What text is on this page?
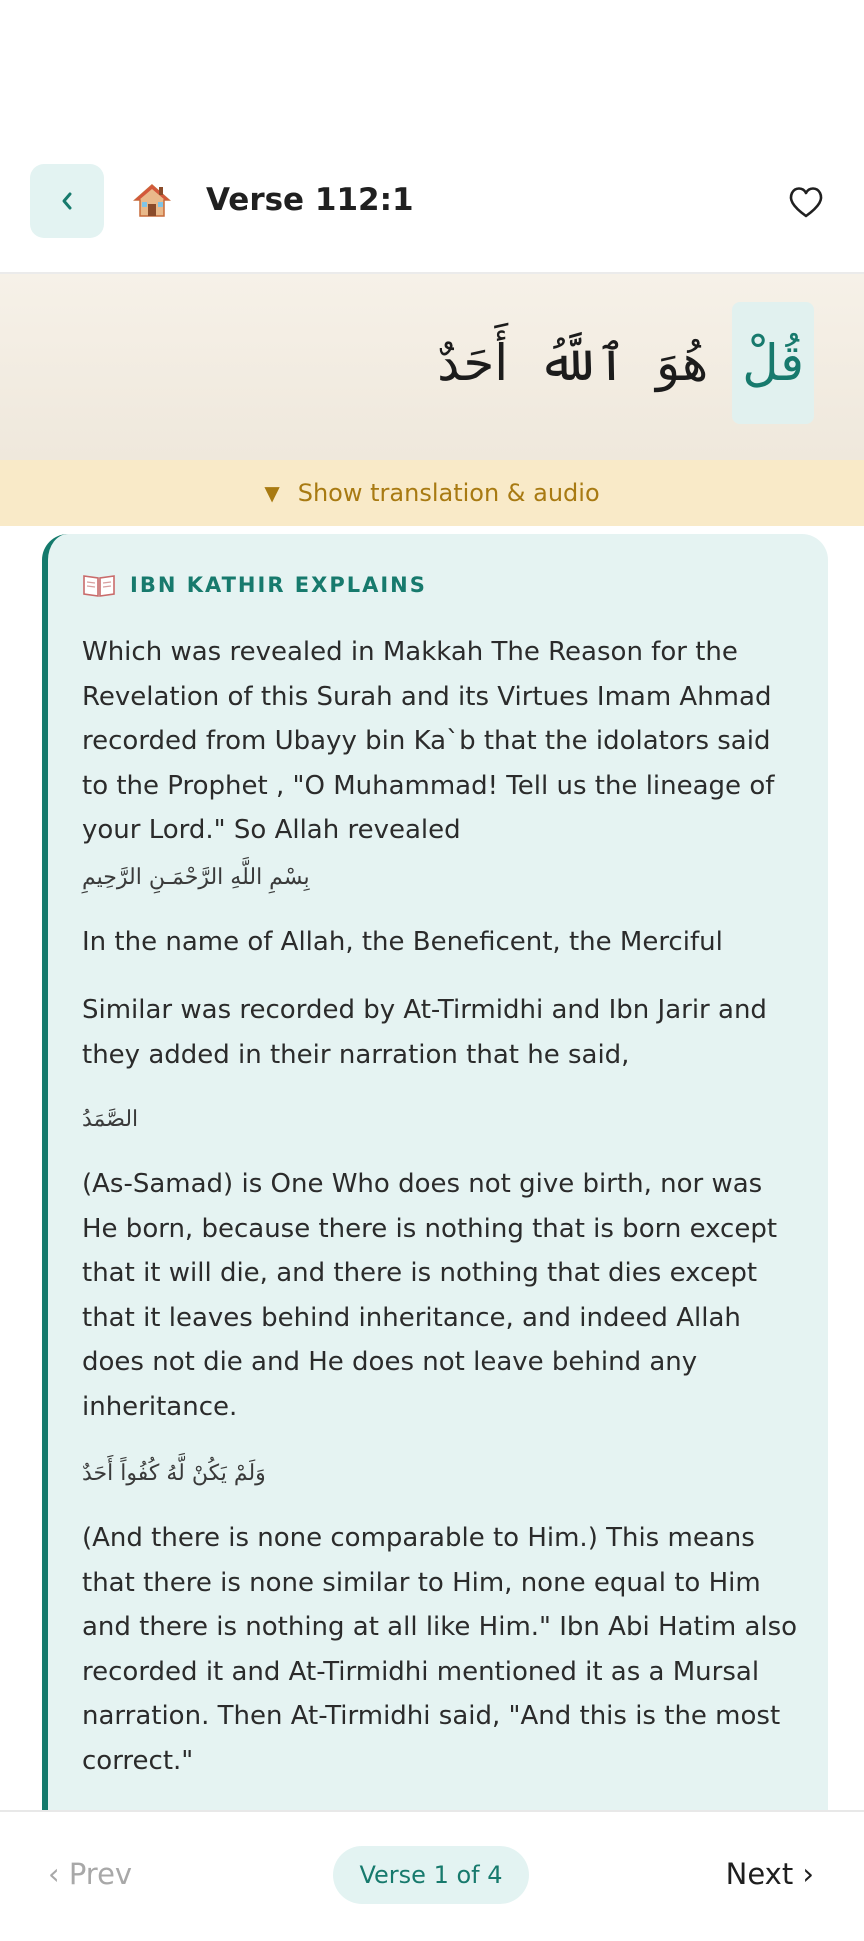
Verse 112:1
قُلْ
هُوَ
ٱللَّهُ
أَحَدٌ
▼ Show translation & audio
IBN KATHIR EXPLAINS

Which was revealed in Makkah The Reason for the Revelation of this Surah and its Virtues Imam Ahmad recorded from Ubayy bin Ka`b that the idolators said to the Prophet , "O Muhammad! Tell us the lineage of your Lord." So Allah revealed

بِسْمِ اللَّهِ الرَّحْمَـنِ الرَّحِيمِ

In the name of Allah, the Beneficent, the Merciful

Similar was recorded by At-Tirmidhi and Ibn Jarir and they added in their narration that he said,

الصَّمَدُ

(As-Samad) is One Who does not give birth, nor was He born, because there is nothing that is born except that it will die, and there is nothing that dies except that it leaves behind inheritance, and indeed Allah does not die and He does not leave behind any inheritance.

وَلَمْ يَكُنْ لَّهُ كُفُواً أَحَدٌ

(And there is none comparable to Him.) This means that there is none similar to Him, none equal to Him and there is nothing at all like Him." Ibn Abi Hatim also recorded it and At-Tirmidhi mentioned it as a Mursal narration. Then At-Tirmidhi said, "And this is the most correct."

‹ Prev	Verse 1 of 4	Next ›
